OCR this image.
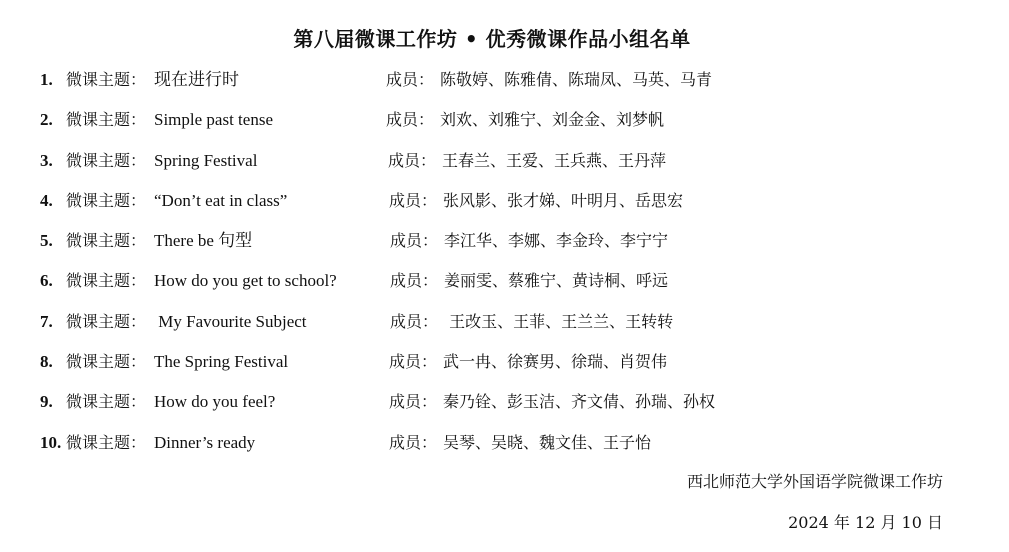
第八届微课工作坊 • 优秀微课作品小组名单
1. 微课主题： 现在进行时	成员： 陈敬婷、陈雅倩、陈瑞凤、马英、马青
2. 微课主题： Simple past tense	成员： 刘欢、刘雅宁、刘金金、刘梦帆
3. 微课主题： Spring Festival	成员： 王春兰、王爱、王兵燕、王丹萍
4. 微课主题： “Don’t eat in class”	成员： 张风影、张才娣、叶明月、岳思宏
5. 微课主题： There be 句型	成员： 李江华、李娜、李金玲、李宁宁
6. 微课主题： How do you get to school?	成员： 姜丽雯、蔡雅宁、黄诗桐、呼远
7. 微课主题： My Favourite Subject	成员： 王改玉、王菲、王兰兰、王转转
8. 微课主题： The Spring Festival	成员： 武一冉、徐赛男、徐瑞、肖贺伟
9. 微课主题： How do you feel?	成员： 秦乃铨、彭玉洁、齐文倩、孙瑞、孙权
10. 微课主题： Dinner’s ready	成员： 吴琴、吴晓、魏文佳、王子怡
西北师范大学外国语学院微课工作坊
2024 年 12 月 10 日
